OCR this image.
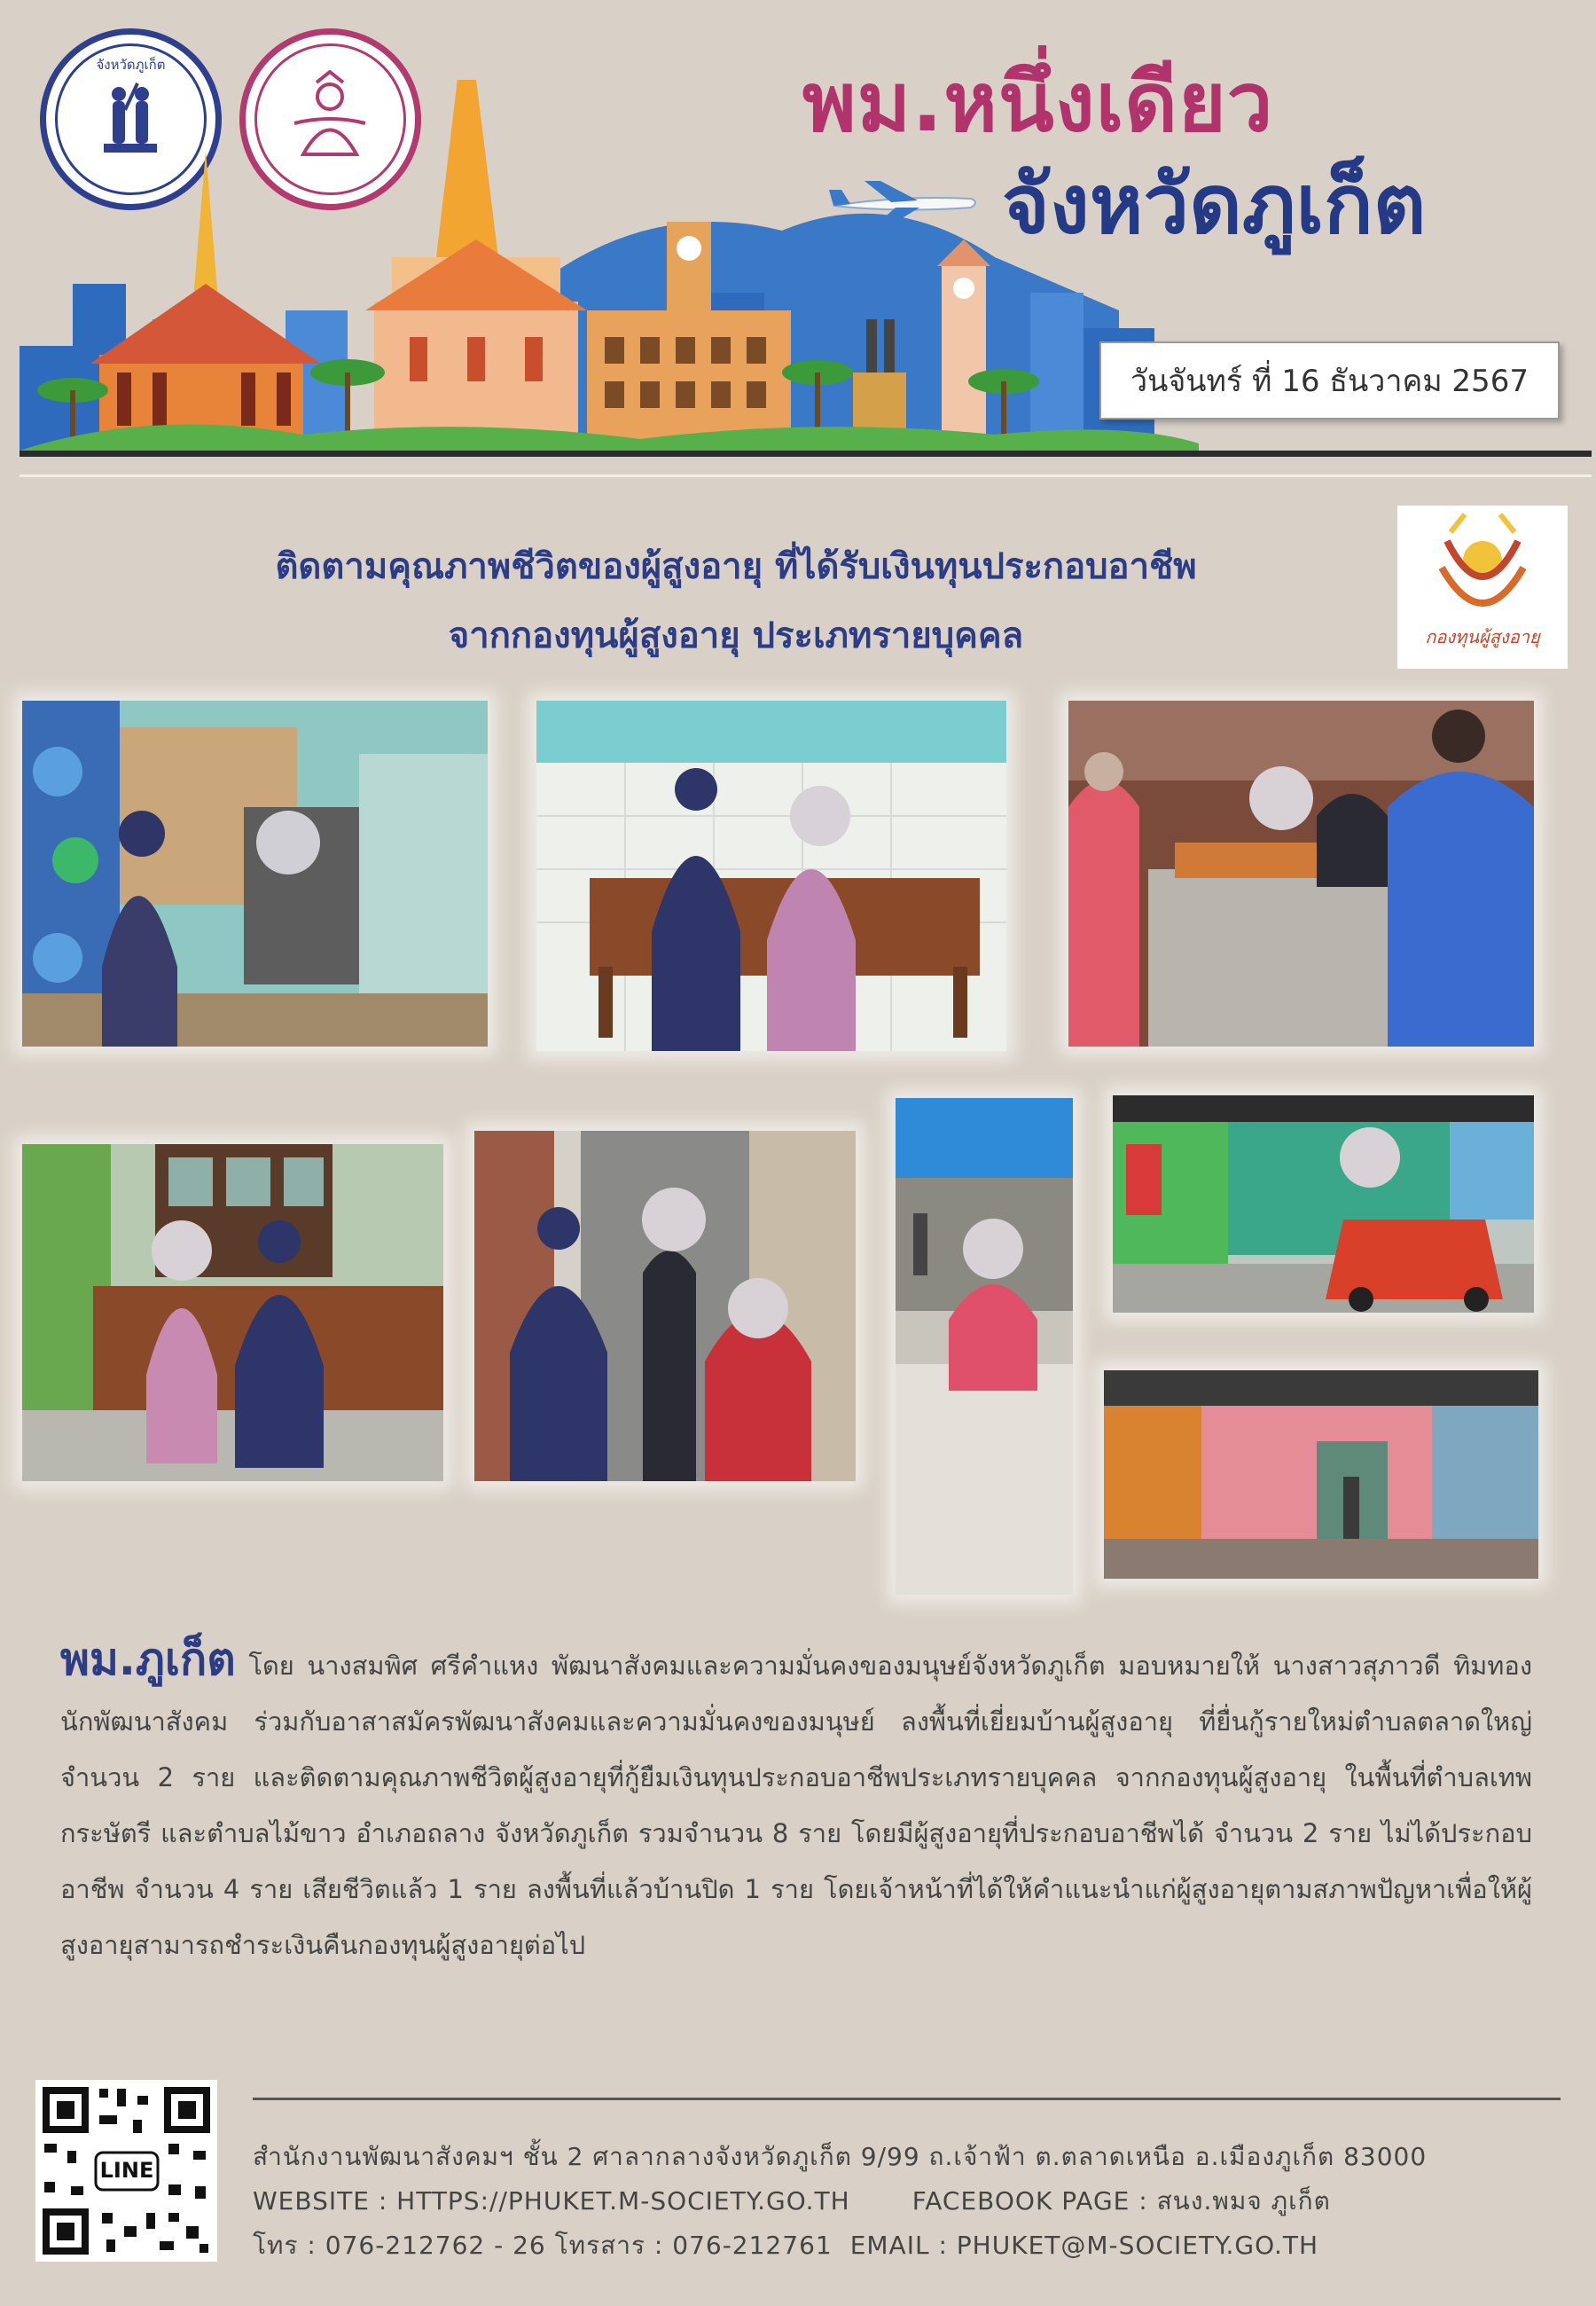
จังหวัดภูเก็ต	พม.หนึ่งเดียว
จังหวัดภูเก็ต
วันจันทร์ ที่ 16 ธันวาคม 2567
ติดตามคุณภาพชีวิตของผู้สูงอายุ ที่ได้รับเงินทุนประกอบอาชีพ
จากกองทุนผู้สูงอายุ ประเภทรายบุคคล	กองทุนผู้สูงอายุ
พม.ภูเก็ต โดย นางสมพิศ ศรีคำแหง พัฒนาสังคมและความมั่นคงของมนุษย์จังหวัดภูเก็ต มอบหมายให้ นางสาวสุภาวดี ทิมทอง นักพัฒนาสังคม ร่วมกับอาสาสมัครพัฒนาสังคมและความมั่นคงของมนุษย์ ลงพื้นที่เยี่ยมบ้านผู้สูงอายุ ที่ยื่นกู้รายใหม่ตำบลตลาดใหญ่ จำนวน 2 ราย และติดตามคุณภาพชีวิตผู้สูงอายุที่กู้ยืมเงินทุนประกอบอาชีพประเภทรายบุคคล จากกองทุนผู้สูงอายุ ในพื้นที่ตำบลเทพกระษัตรี และตำบลไม้ขาว อำเภอถลาง จังหวัดภูเก็ต รวมจำนวน 8 ราย โดยมีผู้สูงอายุที่ประกอบอาชีพได้ จำนวน 2 ราย ไม่ได้ประกอบอาชีพ จำนวน 4 ราย เสียชีวิตแล้ว 1 ราย ลงพื้นที่แล้วบ้านปิด 1 ราย โดยเจ้าหน้าที่ได้ให้คำแนะนำแก่ผู้สูงอายุตามสภาพปัญหาเพื่อให้ผู้สูงอายุสามารถชำระเงินคืนกองทุนผู้สูงอายุต่อไป
LINE	สำนักงานพัฒนาสังคมฯ ชั้น 2 ศาลากลางจังหวัดภูเก็ต 9/99 ถ.เจ้าฟ้า ต.ตลาดเหนือ อ.เมืองภูเก็ต 83000
WEBSITE : HTTPS://PHUKET.M-SOCIETY.GO.TH	FACEBOOK PAGE : สนง.พมจ ภูเก็ต
โทร : 076-212762 - 26 โทรสาร : 076-212761 EMAIL : PHUKET@M-SOCIETY.GO.TH
